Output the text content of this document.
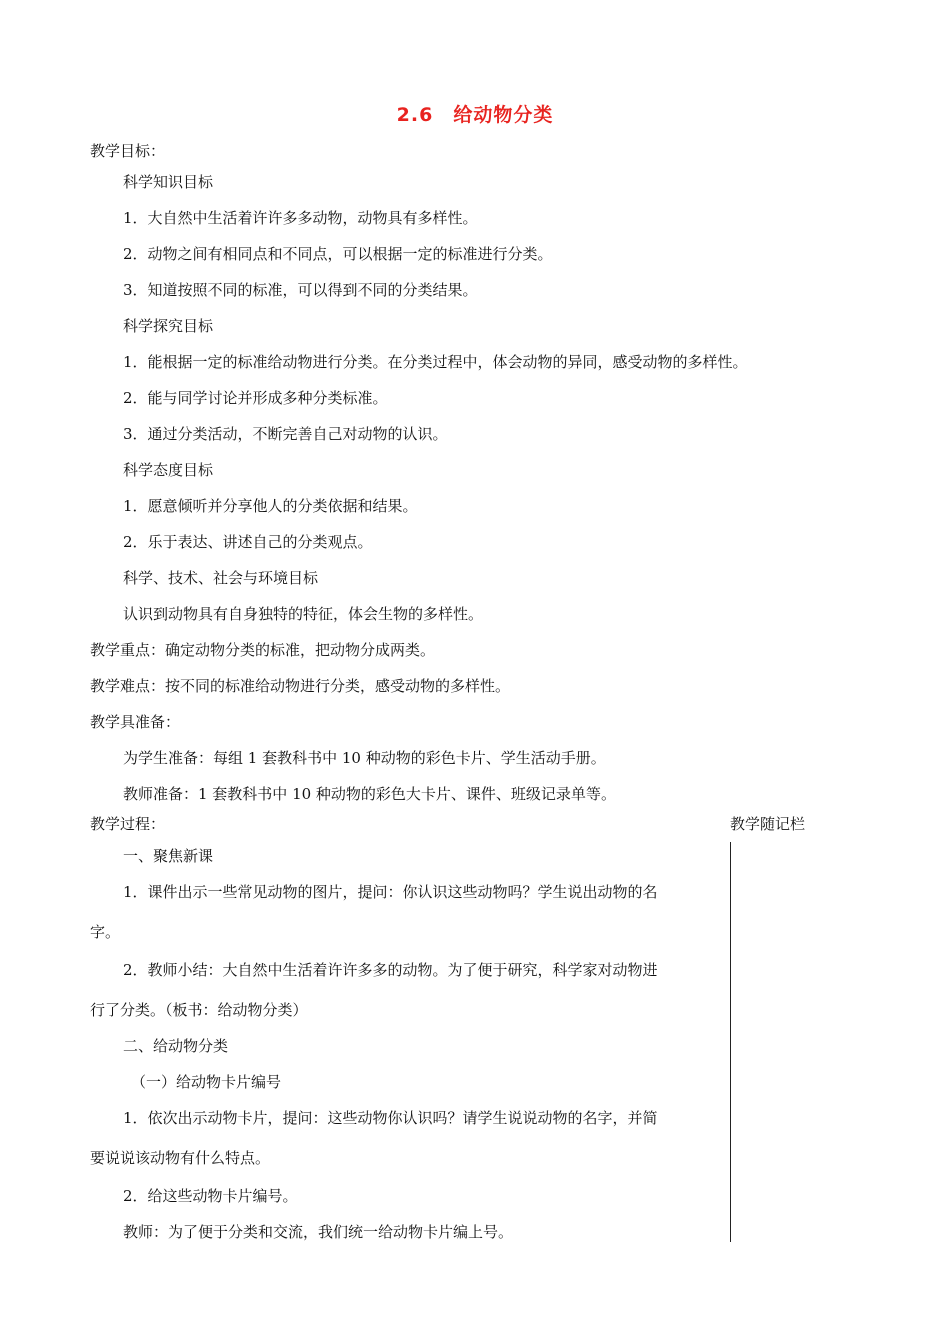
2.6　给动物分类
教学目标：
科学知识目标
1．大自然中生活着许许多多动物，动物具有多样性。
2．动物之间有相同点和不同点，可以根据一定的标准进行分类。
3．知道按照不同的标准，可以得到不同的分类结果。
科学探究目标
1．能根据一定的标准给动物进行分类。在分类过程中，体会动物的异同，感受动物的多样性。
2．能与同学讨论并形成多种分类标准。
3．通过分类活动，不断完善自己对动物的认识。
科学态度目标
1．愿意倾听并分享他人的分类依据和结果。
2．乐于表达、讲述自己的分类观点。
科学、技术、社会与环境目标
认识到动物具有自身独特的特征，体会生物的多样性。
教学重点：确定动物分类的标准，把动物分成两类。
教学难点：按不同的标准给动物进行分类，感受动物的多样性。
教学具准备：
为学生准备：每组 1 套教科书中 10 种动物的彩色卡片、学生活动手册。
教师准备：1 套教科书中 10 种动物的彩色大卡片、课件、班级记录单等。
教学过程：	教学随记栏
一、聚焦新课
1．课件出示一些常见动物的图片，提问：你认识这些动物吗？学生说出动物的名
字。
2．教师小结：大自然中生活着许许多多的动物。为了便于研究，科学家对动物进
行了分类。（板书：给动物分类）
二、给动物分类
（一）给动物卡片编号
1．依次出示动物卡片，提问：这些动物你认识吗？请学生说说动物的名字，并简
要说说该动物有什么特点。
2．给这些动物卡片编号。
教师：为了便于分类和交流，我们统一给动物卡片编上号。
